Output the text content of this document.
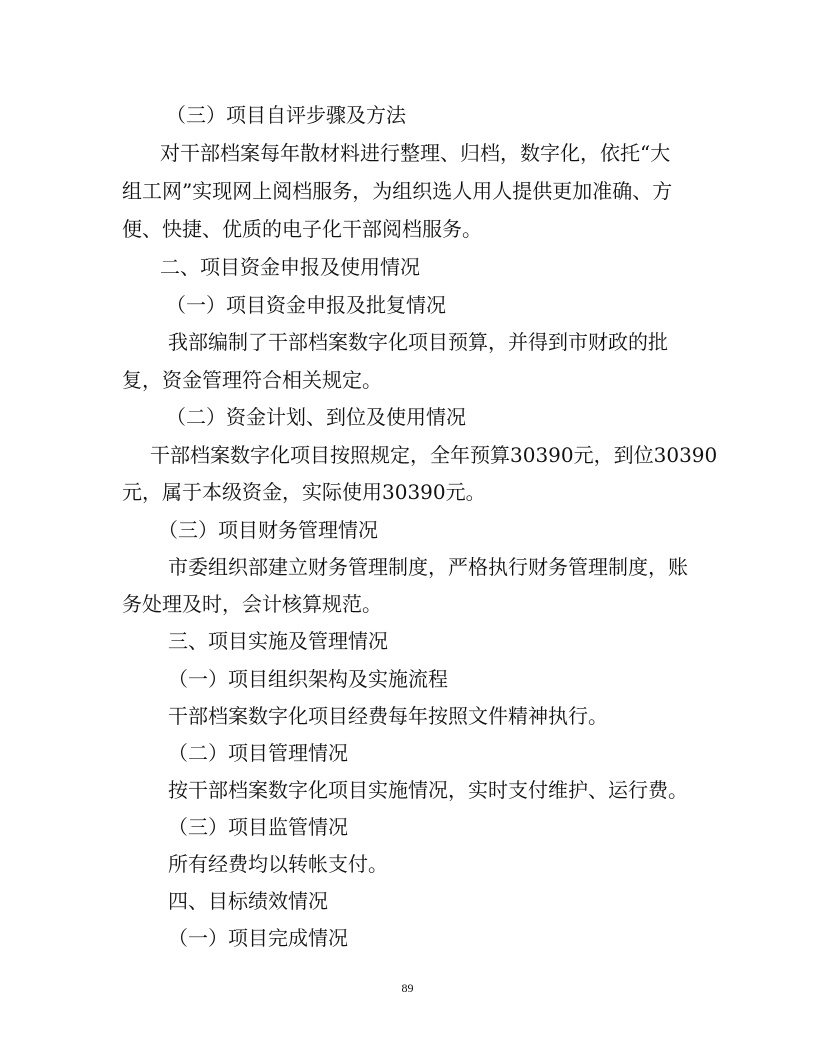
（三）项目自评步骤及方法
对干部档案每年散材料进行整理、归档，数字化，依托“大
组工网”实现网上阅档服务，为组织选人用人提供更加准确、方
便、快捷、优质的电子化干部阅档服务。
二、项目资金申报及使用情况
（一）项目资金申报及批复情况
我部编制了干部档案数字化项目预算，并得到市财政的批
复，资金管理符合相关规定。
（二）资金计划、到位及使用情况
干部档案数字化项目按照规定，全年预算30390元，到位30390
元，属于本级资金，实际使用30390元。
（三）项目财务管理情况
市委组织部建立财务管理制度，严格执行财务管理制度，账
务处理及时，会计核算规范。
三、项目实施及管理情况
（一）项目组织架构及实施流程
干部档案数字化项目经费每年按照文件精神执行。
（二）项目管理情况
按干部档案数字化项目实施情况，实时支付维护、运行费。
（三）项目监管情况
所有经费均以转帐支付。
四、目标绩效情况
（一）项目完成情况
89
